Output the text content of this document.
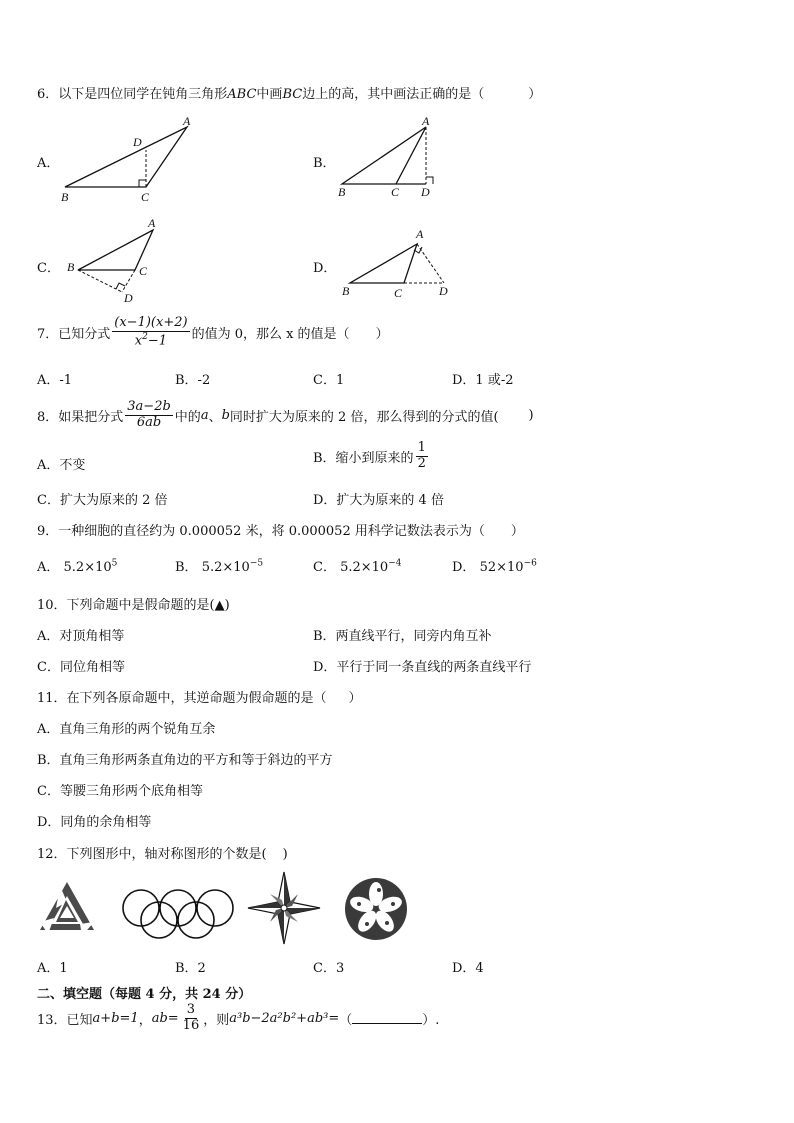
6．以下是四位同学在钝角三角形ABC中画BC边上的高，其中画法正确的是（	）
A．
A
D
B	C
B．
A
B	C D
C．
A
B	C
D
D．
A
B	C	D
7．已知分式 $\frac{(x-1)(x+2)}{x^2-1}$ 的值为 0，那么 x 的值是（ ）
A．-1	B．-2	C．1	D．1 或-2
8．如果把分式 $\frac{3a-2b}{6ab}$ 中的 a 、 b 同时扩大为原来的 2 倍，那么得到的分式的值( )
A．不变	B．缩小到原来的 $\frac{1}{2}$
C．扩大为原来的 2 倍	D．扩大为原来的 4 倍
9．一种细胞的直径约为 0.000052 米，将 0.000052 用科学记数法表示为（ ）
A． $5.2\times 10^5$	B． $5.2\times 10^{-5}$	C． $5.2\times 10^{-4}$	D． $52\times 10^{-6}$
10．下列命题中是假命题的是(▲)
A．对顶角相等	B．两直线平行，同旁内角互补
C．同位角相等	D．平行于同一条直线的两条直线平行
11．在下列各原命题中，其逆命题为假命题的是（ ）
A．直角三角形的两个锐角互余
B．直角三角形两条直角边的平方和等于斜边的平方
C．等腰三角形两个底角相等
D．同角的余角相等
12．下列图形中，轴对称图形的个数是( )
A．1	B．2	C．3	D．4
二、填空题（每题 4 分，共 24 分）
13．已知 a+b=1 ， $ab= \frac{3}{16}$ ，则 a³b−2a²b²+ab³= （	）.
